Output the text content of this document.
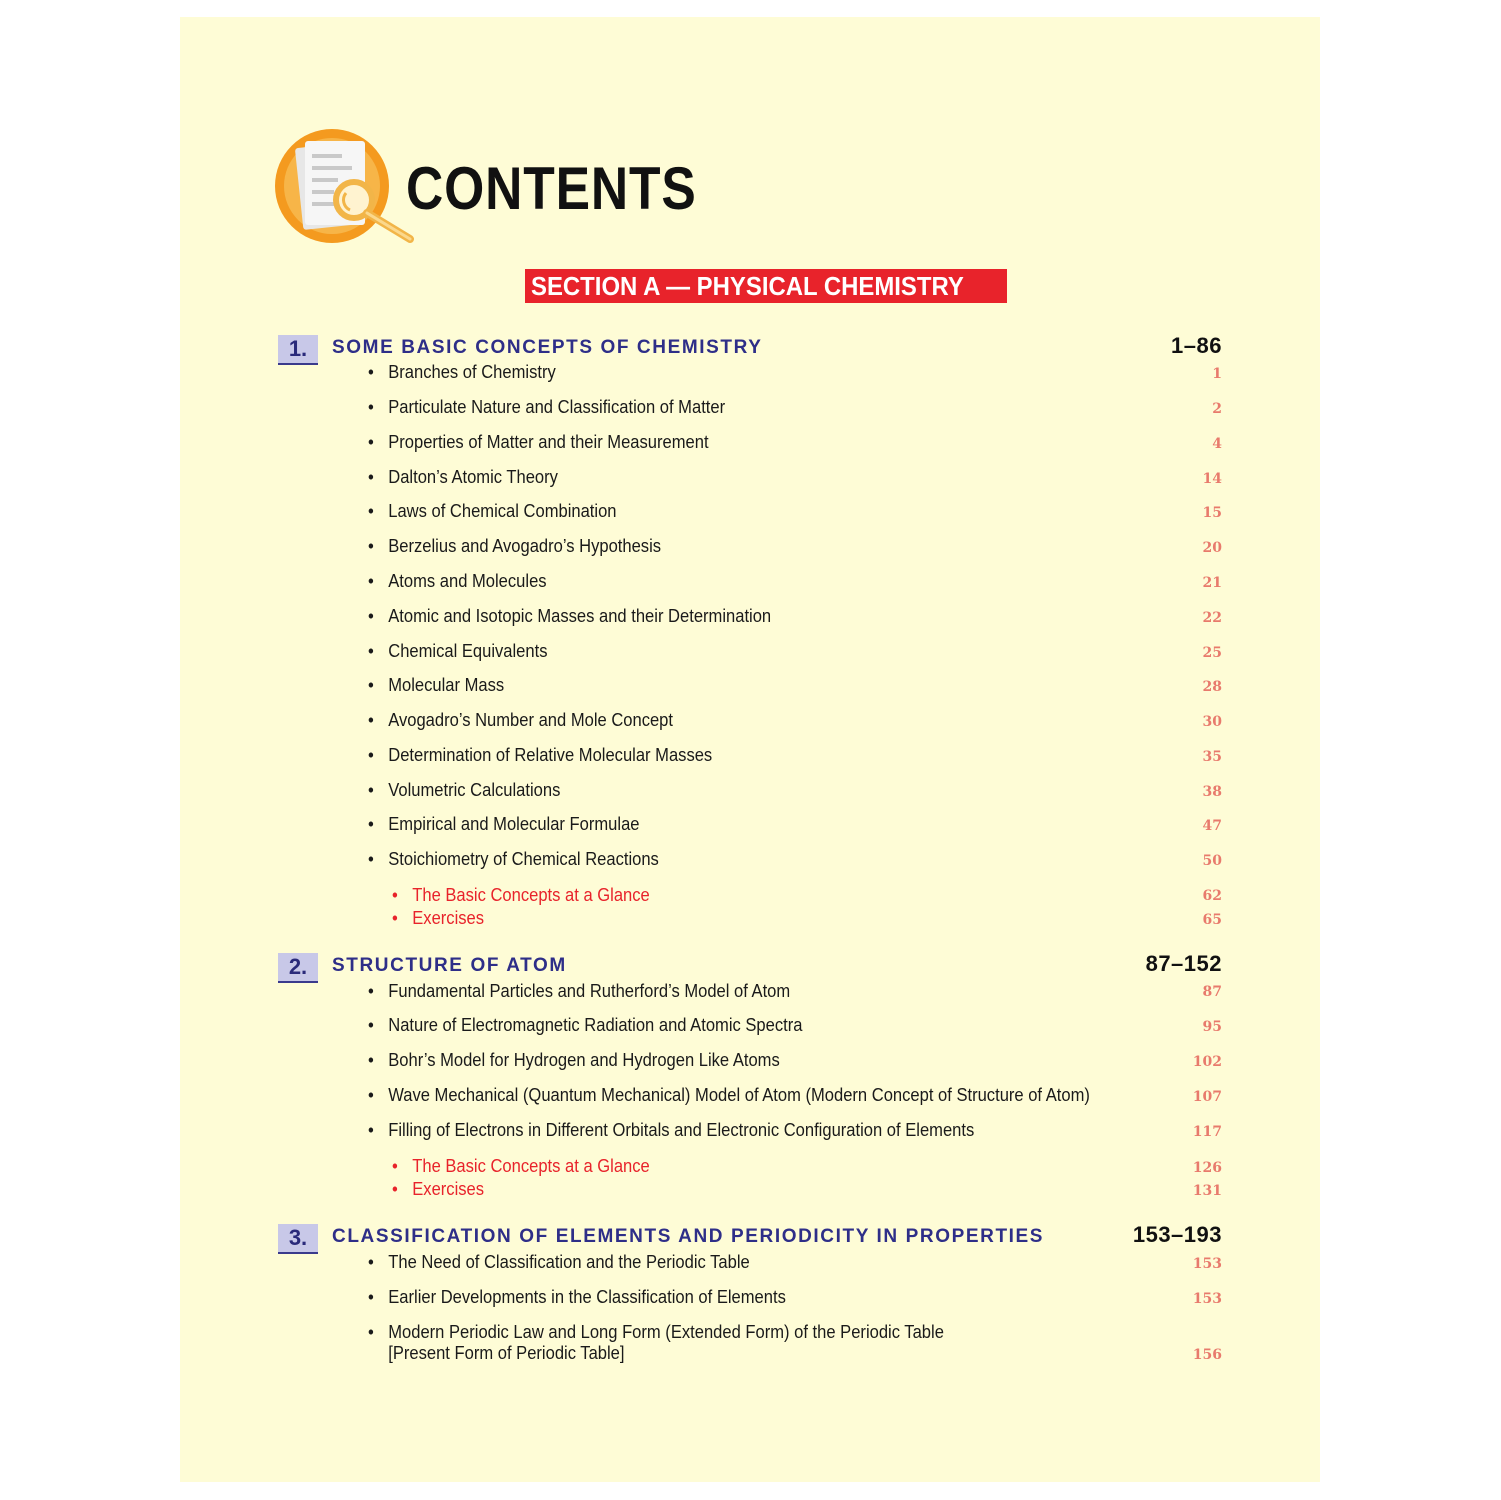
CONTENTS
SECTION A — PHYSICAL CHEMISTRY
1.	SOME BASIC CONCEPTS OF CHEMISTRY	1–86
• Branches of Chemistry	1
• Particulate Nature and Classification of Matter	2
• Properties of Matter and their Measurement	4
• Dalton’s Atomic Theory	14
• Laws of Chemical Combination	15
• Berzelius and Avogadro’s Hypothesis	20
• Atoms and Molecules	21
• Atomic and Isotopic Masses and their Determination	22
• Chemical Equivalents	25
• Molecular Mass	28
• Avogadro’s Number and Mole Concept	30
• Determination of Relative Molecular Masses	35
• Volumetric Calculations	38
• Empirical and Molecular Formulae	47
• Stoichiometry of Chemical Reactions	50
• The Basic Concepts at a Glance	62
• Exercises	65
2.	STRUCTURE OF ATOM	87–152
• Fundamental Particles and Rutherford’s Model of Atom	87
• Nature of Electromagnetic Radiation and Atomic Spectra	95
• Bohr’s Model for Hydrogen and Hydrogen Like Atoms	102
• Wave Mechanical (Quantum Mechanical) Model of Atom (Modern Concept of Structure of Atom)	107
• Filling of Electrons in Different Orbitals and Electronic Configuration of Elements	117
• The Basic Concepts at a Glance	126
• Exercises	131
3.	CLASSIFICATION OF ELEMENTS AND PERIODICITY IN PROPERTIES	153–193
• The Need of Classification and the Periodic Table	153
• Earlier Developments in the Classification of Elements	153
• Modern Periodic Law and Long Form (Extended Form) of the Periodic Table
[Present Form of Periodic Table]	156
